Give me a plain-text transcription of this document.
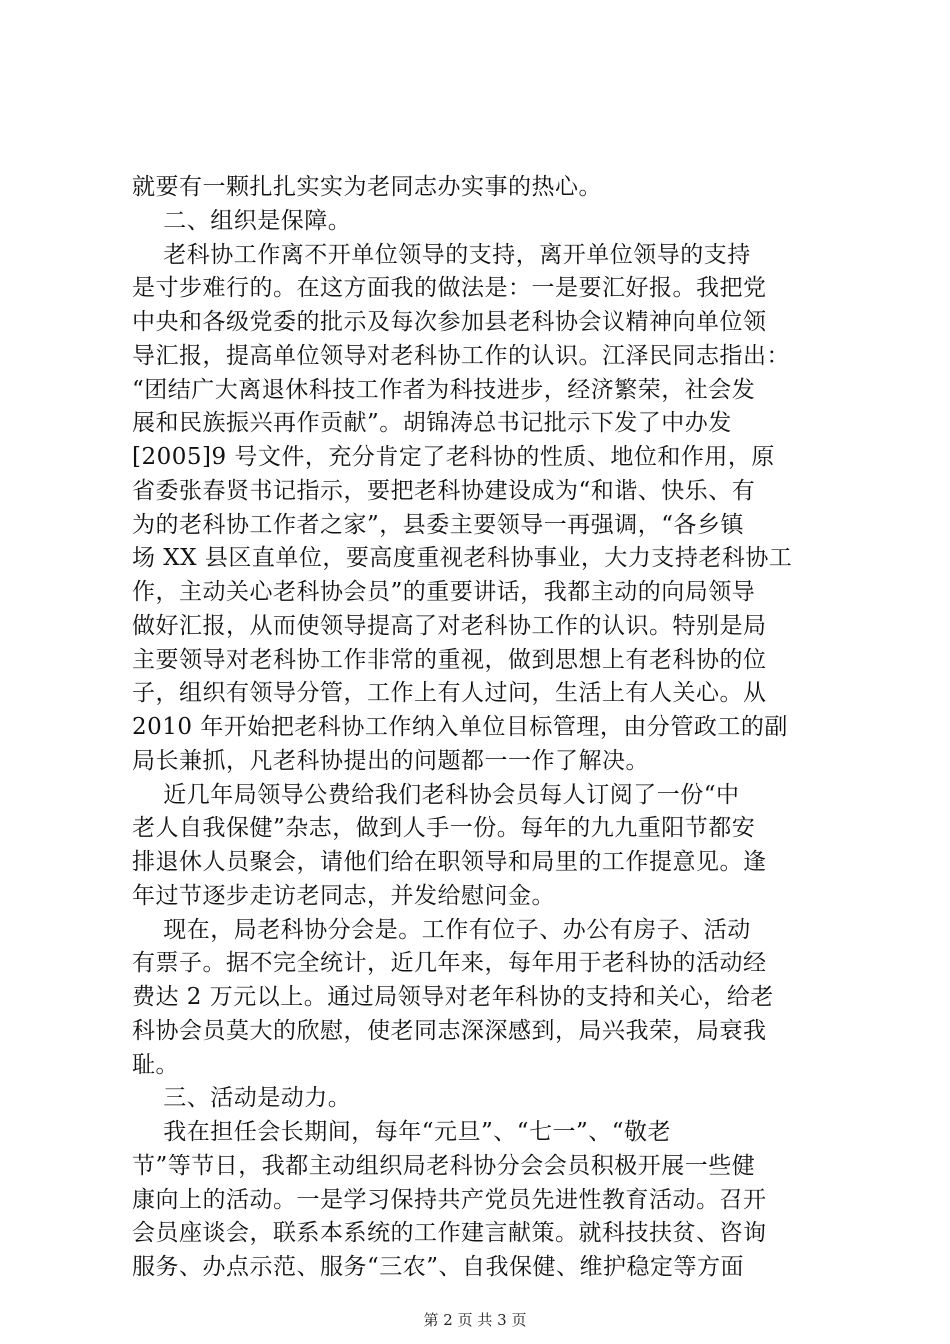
就要有一颗扎扎实实为老同志办实事的热心。
二、组织是保障。
老科协工作离不开单位领导的支持，离开单位领导的支持
是寸步难行的。在这方面我的做法是：一是要汇好报。我把党
中央和各级党委的批示及每次参加县老科协会议精神向单位领
导汇报，提高单位领导对老科协工作的认识。江泽民同志指出：
“团结广大离退休科技工作者为科技进步，经济繁荣，社会发
展和民族振兴再作贡献”。胡锦涛总书记批示下发了中办发
[2005]9 号文件，充分肯定了老科协的性质、地位和作用，原
省委张春贤书记指示，要把老科协建设成为“和谐、快乐、有
为的老科协工作者之家”，县委主要领导一再强调，“各乡镇
场 XX 县区直单位，要高度重视老科协事业，大力支持老科协工
作，主动关心老科协会员”的重要讲话，我都主动的向局领导
做好汇报，从而使领导提高了对老科协工作的认识。特别是局
主要领导对老科协工作非常的重视，做到思想上有老科协的位
子，组织有领导分管，工作上有人过问，生活上有人关心。从
2010 年开始把老科协工作纳入单位目标管理，由分管政工的副
局长兼抓，凡老科协提出的问题都一一作了解决。
近几年局领导公费给我们老科协会员每人订阅了一份“中
老人自我保健”杂志，做到人手一份。每年的九九重阳节都安
排退休人员聚会，请他们给在职领导和局里的工作提意见。逢
年过节逐步走访老同志，并发给慰问金。
现在，局老科协分会是。工作有位子、办公有房子、活动
有票子。据不完全统计，近几年来，每年用于老科协的活动经
费达 2 万元以上。通过局领导对老年科协的支持和关心，给老
科协会员莫大的欣慰，使老同志深深感到，局兴我荣，局衰我
耻。
三、活动是动力。
我在担任会长期间，每年“元旦”、“七一”、“敬老
节”等节日，我都主动组织局老科协分会会员积极开展一些健
康向上的活动。一是学习保持共产党员先进性教育活动。召开
会员座谈会，联系本系统的工作建言献策。就科技扶贫、咨询
服务、办点示范、服务“三农”、自我保健、维护稳定等方面
第 2 页 共 3 页
